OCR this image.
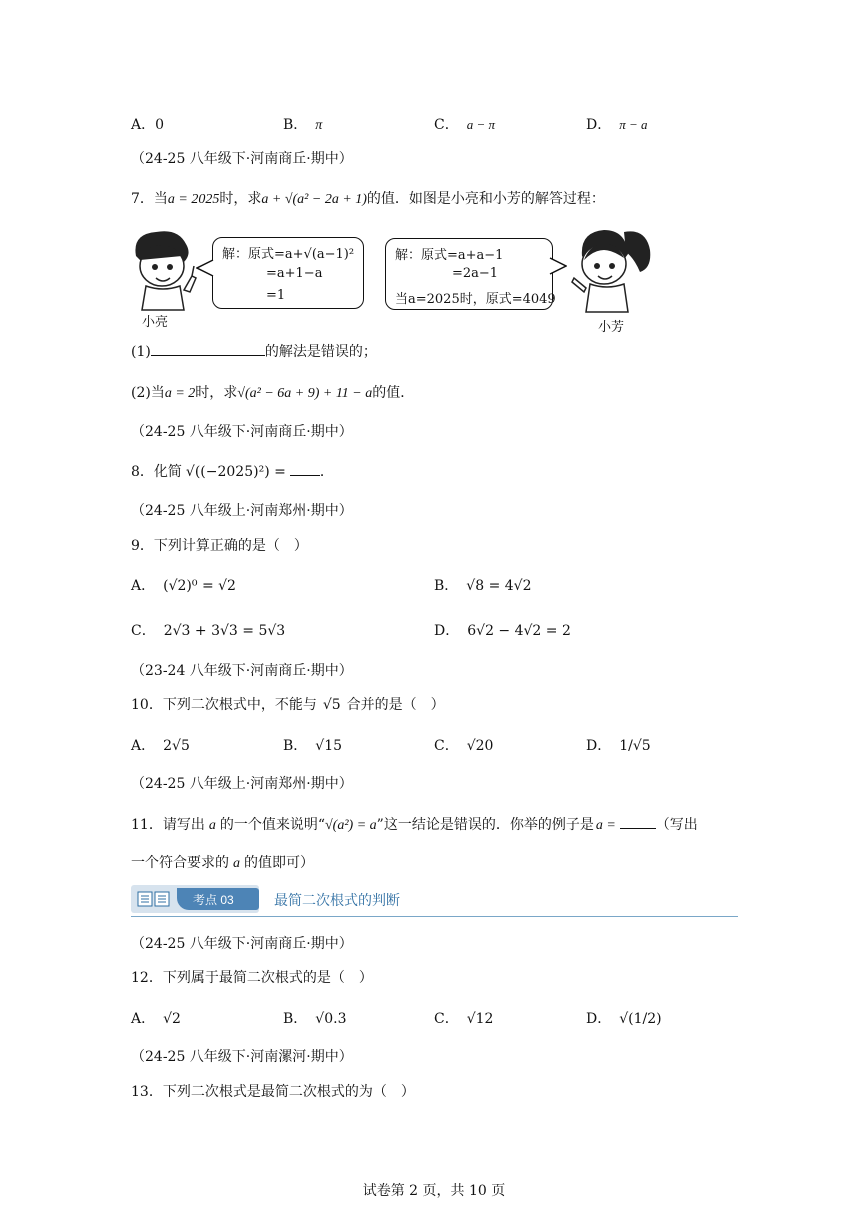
A．0	B． π	C． a − π	D． π − a
（24-25 八年级下·河南商丘·期中）
7．当a = 2025时，求a + √(a² − 2a + 1)的值．如图是小亮和小芳的解答过程：
小亮
解：原式=a+√(a−1)²
=a+1−a
=1
解：原式=a+a−1
=2a−1
当a=2025时，原式=4049
小芳
(1)	的解法是错误的；
(2)当a = 2时，求√(a² − 6a + 9) + 11 − a的值．
（24-25 八年级下·河南商丘·期中）
8．化简 √((−2025)²) = ．
（24-25 八年级上·河南郑州·期中）
9．下列计算正确的是（　）
A． (√2)⁰ = √2	B． √8 = 4√2
C． 2√3 + 3√3 = 5√3	D． 6√2 − 4√2 = 2
（23-24 八年级下·河南商丘·期中）
10．下列二次根式中，不能与 √5 合并的是（　）
A． 2√5	B． √15	C． √20	D． 1/√5
（24-25 八年级上·河南郑州·期中）
11．请写出 a 的一个值来说明“√(a²) = a”这一结论是错误的．你举的例子是 a =	（写出
一个符合要求的 a 的值即可）
考点 03	最简二次根式的判断
（24-25 八年级下·河南商丘·期中）
12．下列属于最简二次根式的是（　）
A． √2	B． √0.3	C． √12	D． √(1/2)
（24-25 八年级下·河南漯河·期中）
13．下列二次根式是最简二次根式的为（　）
试卷第 2 页，共 10 页
